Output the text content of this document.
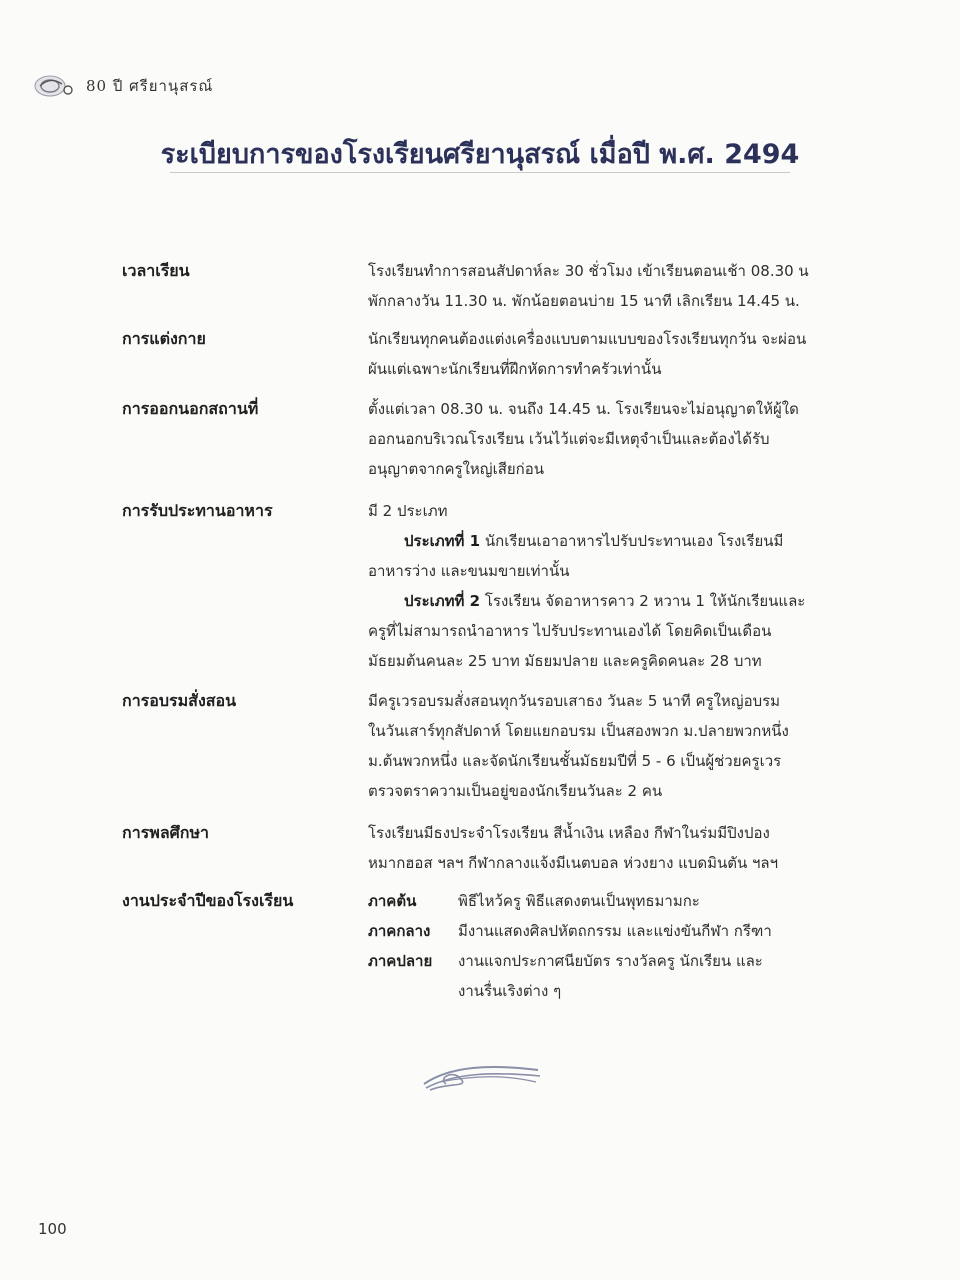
80 ปี ศรียานุสรณ์
ระเบียบการของโรงเรียนศรียานุสรณ์ เมื่อปี พ.ศ. 2494
เวลาเรียน	โรงเรียนทำการสอนสัปดาห์ละ 30 ชั่วโมง เข้าเรียนตอนเช้า 08.30 น

พักกลางวัน 11.30 น. พักน้อยตอนบ่าย 15 นาที เลิกเรียน 14.45 น.

การแต่งกาย	นักเรียนทุกคนต้องแต่งเครื่องแบบตามแบบของโรงเรียนทุกวัน จะผ่อน

ผันแต่เฉพาะนักเรียนที่ฝึกหัดการทำครัวเท่านั้น

การออกนอกสถานที่	ตั้งแต่เวลา 08.30 น. จนถึง 14.45 น. โรงเรียนจะไม่อนุญาตให้ผู้ใด

ออกนอกบริเวณโรงเรียน เว้นไว้แต่จะมีเหตุจำเป็นและต้องได้รับ

อนุญาตจากครูใหญ่เสียก่อน

การรับประทานอาหาร	มี 2 ประเภท

ประเภทที่ 1 นักเรียนเอาอาหารไปรับประทานเอง โรงเรียนมี

อาหารว่าง และขนมขายเท่านั้น

ประเภทที่ 2 โรงเรียน จัดอาหารคาว 2 หวาน 1 ให้นักเรียนและ

ครูที่ไม่สามารถนำอาหาร ไปรับประทานเองได้ โดยคิดเป็นเดือน

มัธยมต้นคนละ 25 บาท มัธยมปลาย และครูคิดคนละ 28 บาท

การอบรมสั่งสอน	มีครูเวรอบรมสั่งสอนทุกวันรอบเสาธง วันละ 5 นาที ครูใหญ่อบรม

ในวันเสาร์ทุกสัปดาห์ โดยแยกอบรม เป็นสองพวก ม.ปลายพวกหนึ่ง

ม.ต้นพวกหนึ่ง และจัดนักเรียนชั้นมัธยมปีที่ 5 - 6 เป็นผู้ช่วยครูเวร

ตรวจตราความเป็นอยู่ของนักเรียนวันละ 2 คน

การพลศึกษา	โรงเรียนมีธงประจำโรงเรียน สีน้ำเงิน เหลือง กีฬาในร่มมีปิงปอง

หมากฮอส ฯลฯ กีฬากลางแจ้งมีเนตบอล ห่วงยาง แบดมินตัน ฯลฯ

งานประจำปีของโรงเรียน	ภาคต้น	พิธีไหว้ครู พิธีแสดงตนเป็นพุทธมามกะ
ภาคกลาง	มีงานแสดงศิลปหัตถกรรม และแข่งขันกีฬา กรีฑา
ภาคปลาย	งานแจกประกาศนียบัตร รางวัลครู นักเรียน และ
งานรื่นเริงต่าง ๆ
100
